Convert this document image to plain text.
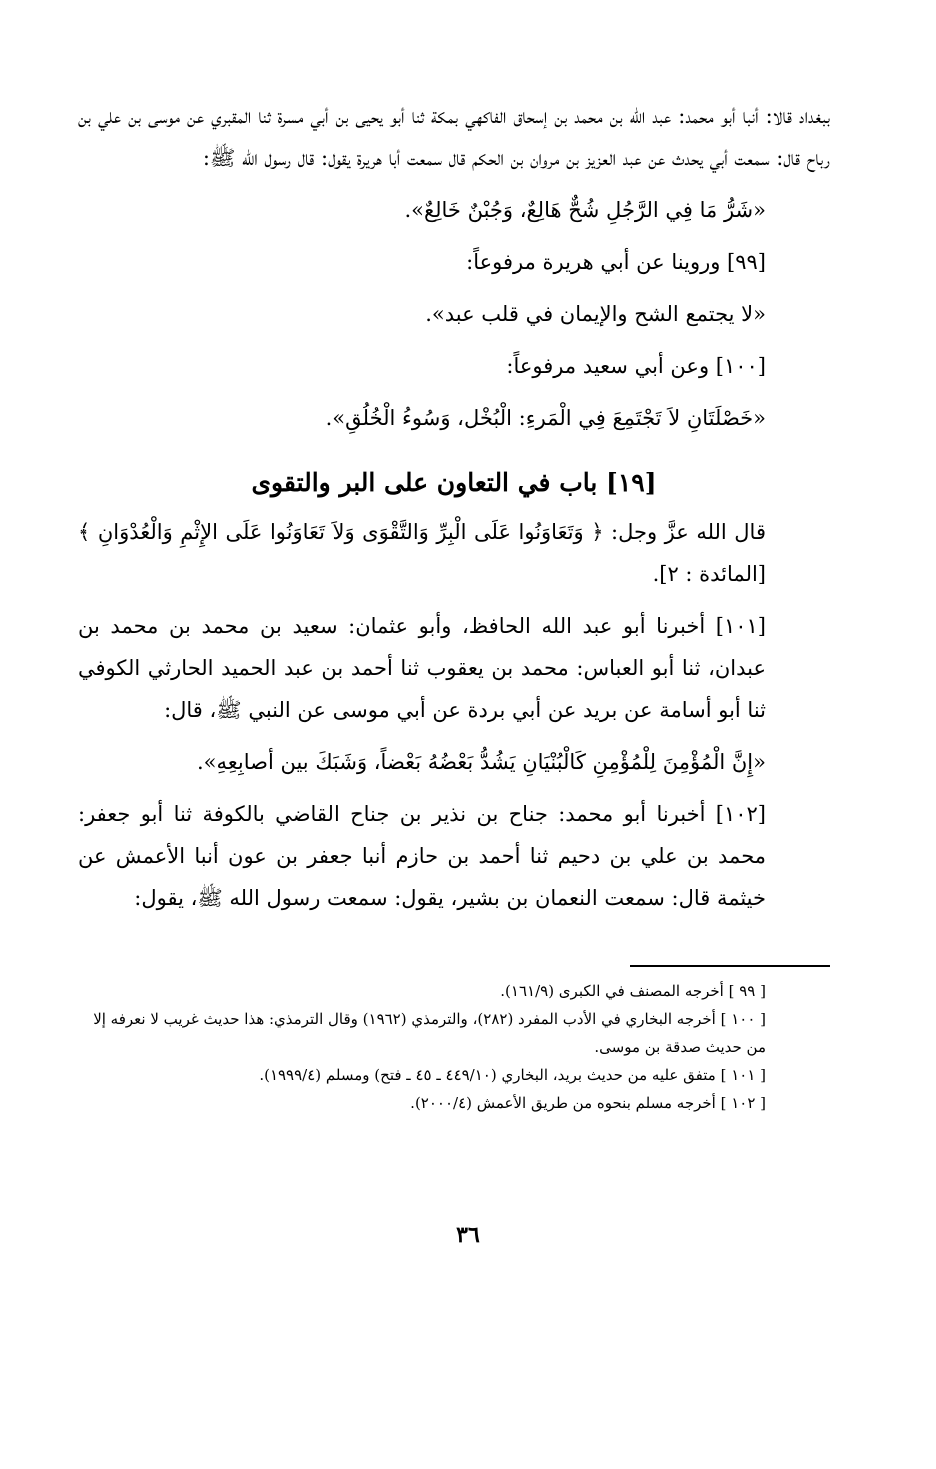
ببغداد قالا: أنبا أبو محمد: عبد الله بن محمد بن إسحاق الفاكهي بمكة ثنا أبو يحيى بن أبي مسرة ثنا المقبري عن موسى بن علي بن رباح قال: سمعت أبي يحدث عن عبد العزيز بن مروان بن الحكم قال سمعت أبا هريرة يقول: قال رسول الله ﷺ:

«شَرُّ مَا فِي الرَّجُلِ شُحٌّ هَالِعٌ، وَجُبْنٌ خَالِعٌ».

[٩٩] وروينا عن أبي هريرة مرفوعاً:

«لا يجتمع الشح والإيمان في قلب عبد».

[١٠٠] وعن أبي سعيد مرفوعاً:

«خَصْلَتَانِ لاَ تَجْتَمِعَ فِي الْمَرءِ: الْبُخْل، وَسُوءُ الْخُلُقِ».

[١٩] باب في التعاون على البر والتقوى

قال الله عزَّ وجل: ﴿ وَتَعَاوَنُوا عَلَى الْبِرِّ وَالتَّقْوَى وَلاَ تَعَاوَنُوا عَلَى الإِثْمِ وَالْعُدْوَانِ ﴾ [المائدة : ٢].

[١٠١] أخبرنا أبو عبد الله الحافظ، وأبو عثمان: سعيد بن محمد بن محمد بن عبدان، ثنا أبو العباس: محمد بن يعقوب ثنا أحمد بن عبد الحميد الحارثي الكوفي ثنا أبو أسامة عن بريد عن أبي بردة عن أبي موسى عن النبي ﷺ، قال:

«إِنَّ الْمُؤْمِنَ لِلْمُؤْمِنِ كَالْبُنْيَانِ يَشُدُّ بَعْضُهُ بَعْضاً، وَشَبَكَ بين أصابِعِهِ».

[١٠٢] أخبرنا أبو محمد: جناح بن نذير بن جناح القاضي بالكوفة ثنا أبو جعفر: محمد بن علي بن دحيم ثنا أحمد بن حازم أنبا جعفر بن عون أنبا الأعمش عن خيثمة قال: سمعت النعمان بن بشير، يقول: سمعت رسول الله ﷺ، يقول:

[ ٩٩ ] أخرجه المصنف في الكبرى (١٦١/٩).

[ ١٠٠ ] أخرجه البخاري في الأدب المفرد (٢٨٢)، والترمذي (١٩٦٢) وقال الترمذي: هذا حديث غريب لا نعرفه إلا من حديث صدقة بن موسى.

[ ١٠١ ] متفق عليه من حديث بريد، البخاري (٤٤٩/١٠ ـ ٤٥ ـ فتح) ومسلم (١٩٩٩/٤).

[ ١٠٢ ] أخرجه مسلم بنحوه من طريق الأعمش (٢٠٠٠/٤).

٣٦
